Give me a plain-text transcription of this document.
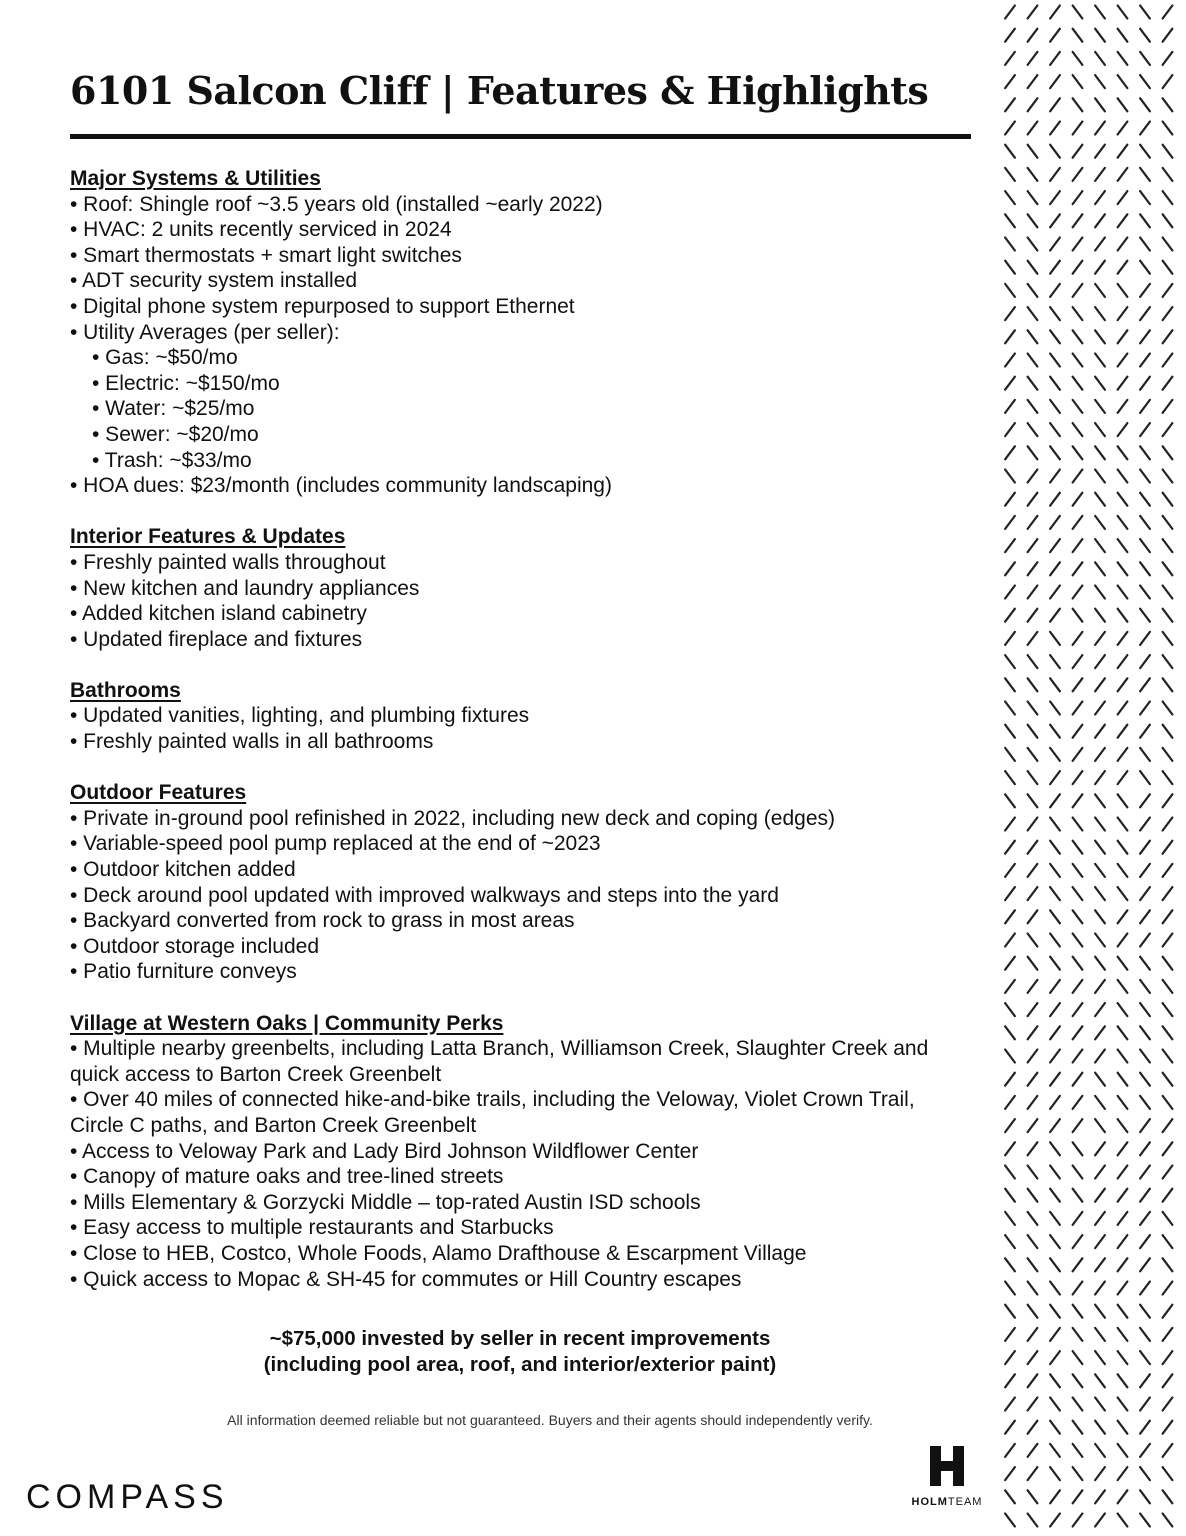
6101 Salcon Cliff | Features & Highlights

Major Systems & Utilities

• Roof: Shingle roof ~3.5 years old (installed ~early 2022)

• HVAC: 2 units recently serviced in 2024

• Smart thermostats + smart light switches

• ADT security system installed

• Digital phone system repurposed to support Ethernet

• Utility Averages (per seller):

• Gas: ~$50/mo

• Electric: ~$150/mo

• Water: ~$25/mo

• Sewer: ~$20/mo

• Trash: ~$33/mo

• HOA dues: $23/month (includes community landscaping)

Interior Features & Updates

• Freshly painted walls throughout

• New kitchen and laundry appliances

• Added kitchen island cabinetry

• Updated fireplace and fixtures

Bathrooms

• Updated vanities, lighting, and plumbing fixtures

• Freshly painted walls in all bathrooms

Outdoor Features

• Private in-ground pool refinished in 2022, including new deck and coping (edges)

• Variable-speed pool pump replaced at the end of ~2023

• Outdoor kitchen added

• Deck around pool updated with improved walkways and steps into the yard

• Backyard converted from rock to grass in most areas

• Outdoor storage included

• Patio furniture conveys

Village at Western Oaks | Community Perks

• Multiple nearby greenbelts, including Latta Branch, Williamson Creek, Slaughter Creek and quick access to Barton Creek Greenbelt

• Over 40 miles of connected hike-and-bike trails, including the Veloway, Violet Crown Trail, Circle C paths, and Barton Creek Greenbelt

• Access to Veloway Park and Lady Bird Johnson Wildflower Center

• Canopy of mature oaks and tree-lined streets

• Mills Elementary & Gorzycki Middle – top-rated Austin ISD schools

• Easy access to multiple restaurants and Starbucks

• Close to HEB, Costco, Whole Foods, Alamo Drafthouse & Escarpment Village

• Quick access to Mopac & SH-45 for commutes or Hill Country escapes

~$75,000 invested by seller in recent improvements
(including pool area, roof, and interior/exterior paint)
All information deemed reliable but not guaranteed. Buyers and their agents should independently verify.
COMPASS	HOLMTEAM
